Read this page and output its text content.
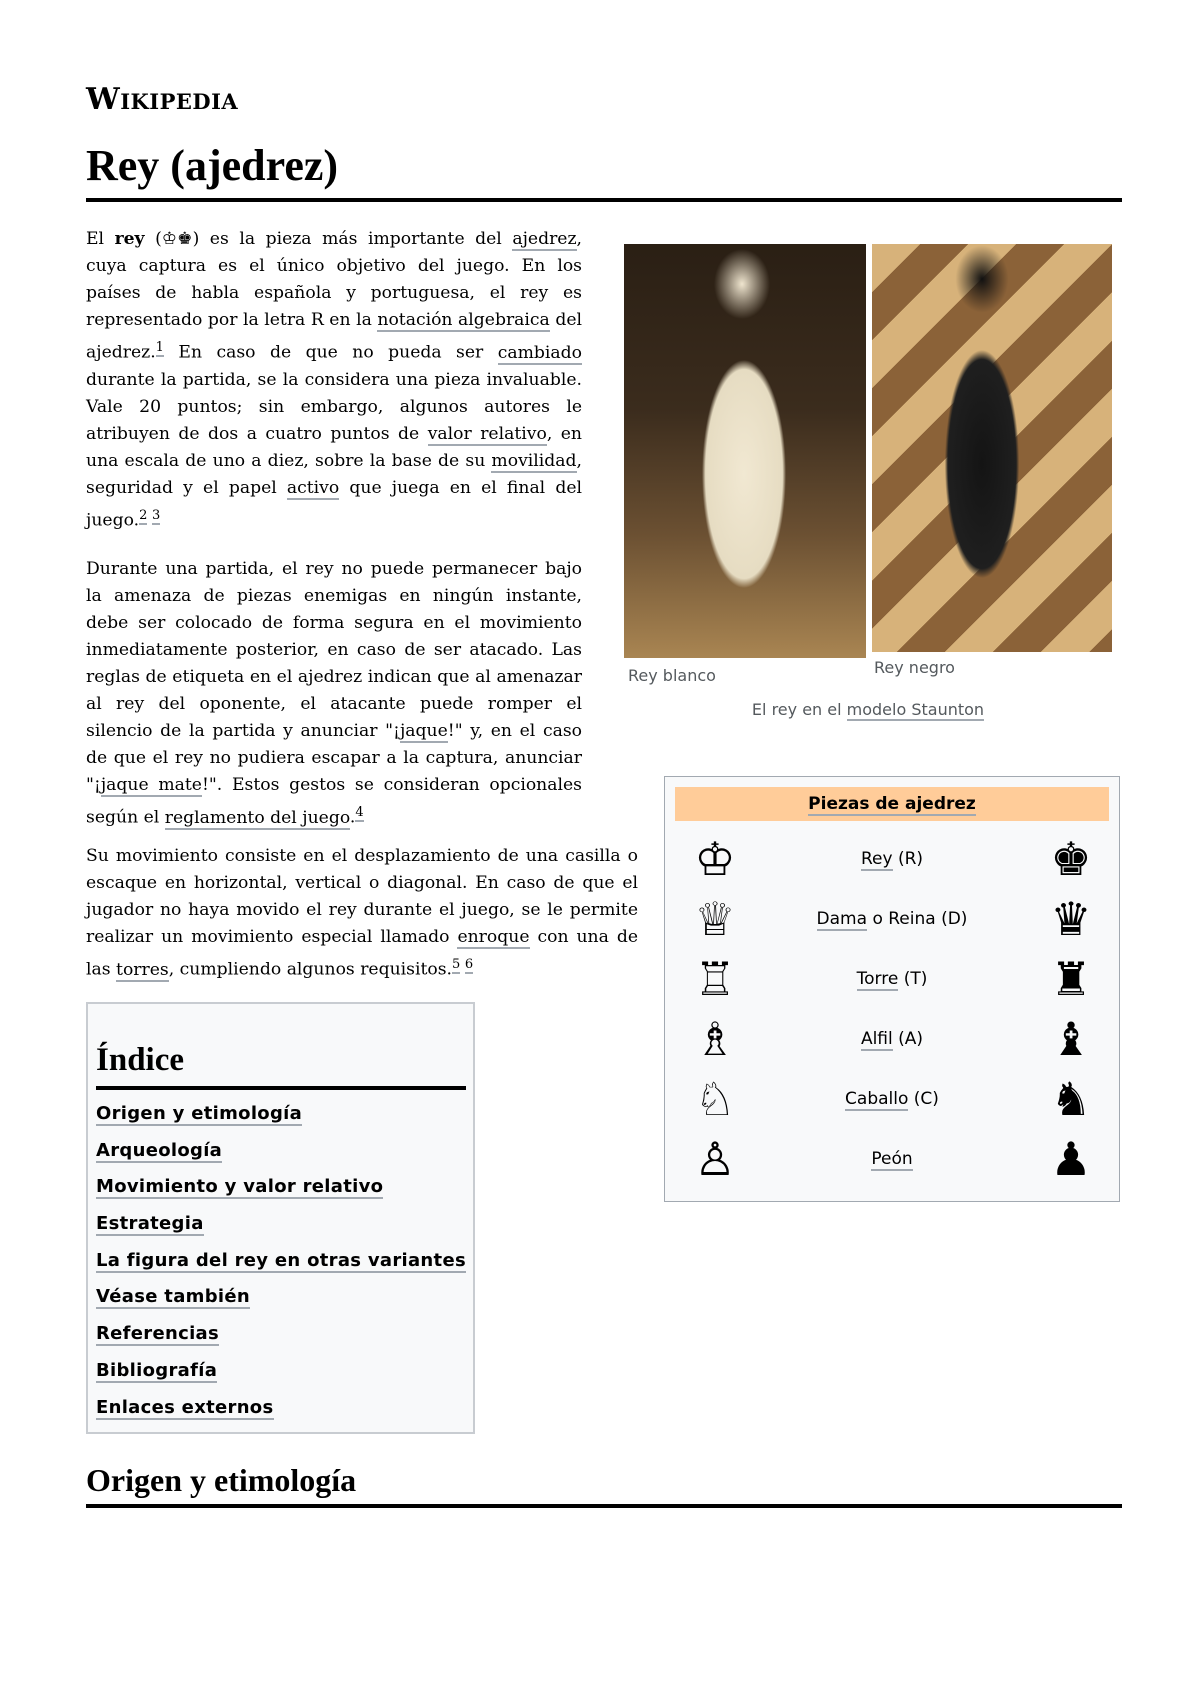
Wikipedia
Rey (ajedrez)

El rey (♔♚) es la pieza más importante del ajedrez, cuya captura es el único objetivo del juego. En los países de habla española y portuguesa, el rey es representado por la letra R en la notación algebraica del ajedrez.$^1$ En caso de que no pueda ser cambiado durante la partida, se la considera una pieza invaluable. Vale 20 puntos; sin embargo, algunos autores le atribuyen de dos a cuatro puntos de valor relativo, en una escala de uno a diez, sobre la base de su movilidad, seguridad y el papel activo que juega en el final del juego.$^{2 3}$

Durante una partida, el rey no puede permanecer bajo la amenaza de piezas enemigas en ningún instante, debe ser colocado de forma segura en el movimiento inmediatamente posterior, en caso de ser atacado. Las reglas de etiqueta en el ajedrez indican que al amenazar al rey del oponente, el atacante puede romper el silencio de la partida y anunciar "¡jaque!" y, en el caso de que el rey no pudiera escapar a la captura, anunciar "¡jaque mate!". Estos gestos se consideran opcionales según el reglamento del juego.$^4$

Su movimiento consiste en el desplazamiento de una casilla o escaque en horizontal, vertical o diagonal. En caso de que el jugador no haya movido el rey durante el juego, se le permite realizar un movimiento especial llamado enroque con una de las torres, cumpliendo algunos requisitos.$^{5 6}$

Rey blanco	Rey negro
El rey en el modelo Staunton
Piezas de ajedrez
♔	Rey (R)	♚
♕	Dama o Reina (D)	♛
♖	Torre (T)	♜
♗	Alfil (A)	♝
♘	Caballo (C)	♞
♙	Peón	♟
Índice
Origen y etimología
Arqueología
Movimiento y valor relativo
Estrategia
La figura del rey en otras variantes
Véase también
Referencias
Bibliografía
Enlaces externos
Origen y etimología
